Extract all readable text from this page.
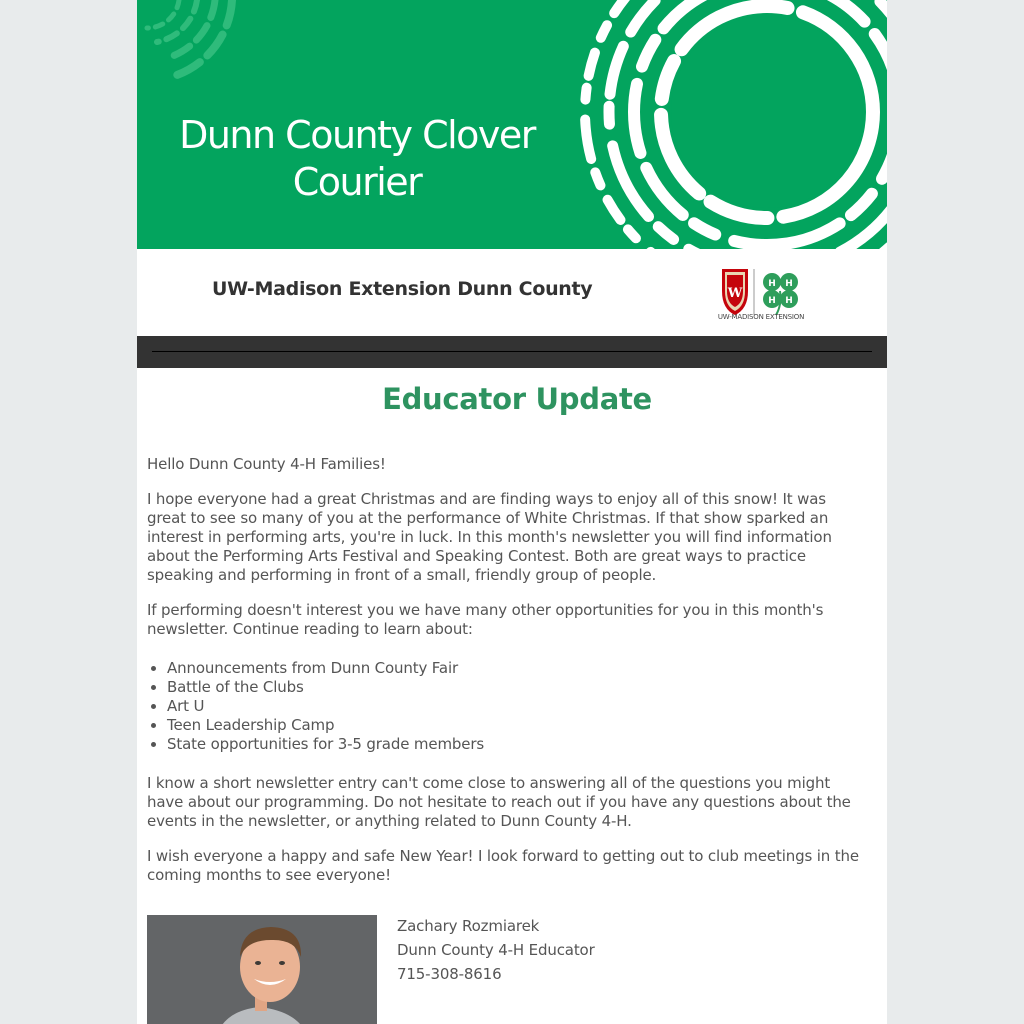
Dunn County Clover Courier
UW-Madison Extension Dunn County	W
H H
H H
UW-MADISON EXTENSION
Educator Update

Hello Dunn County 4-H Families!

I hope everyone had a great Christmas and are finding ways to enjoy all of this snow! It was great to see so many of you at the performance of White Christmas. If that show sparked an interest in performing arts, you're in luck. In this month's newsletter you will find information about the Performing Arts Festival and Speaking Contest. Both are great ways to practice speaking and performing in front of a small, friendly group of people.

If performing doesn't interest you we have many other opportunities for you in this month's newsletter. Continue reading to learn about:

• Announcements from Dunn County Fair
• Battle of the Clubs
• Art U
• Teen Leadership Camp
• State opportunities for 3-5 grade members

I know a short newsletter entry can't come close to answering all of the questions you might have about our programming. Do not hesitate to reach out if you have any questions about the events in the newsletter, or anything related to Dunn County 4-H.

I wish everyone a happy and safe New Year! I look forward to getting out to club meetings in the coming months to see everyone!

Zachary Rozmiarek
Dunn County 4-H Educator
715-308-8616
